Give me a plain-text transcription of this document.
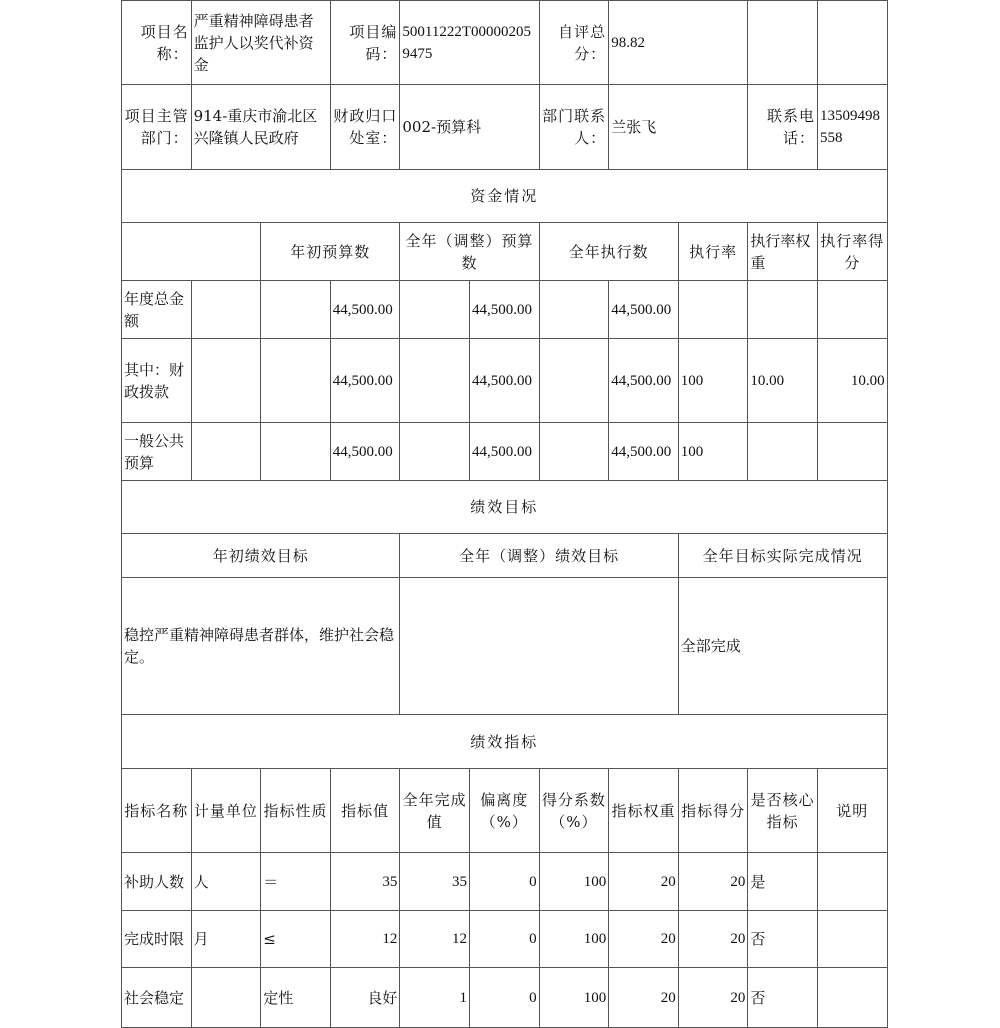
项目名称：	严重精神障碍患者监护人以奖代补资金		项目编码：	50011222T000002059475		自评总分：	98.82			
项目主管部门：	914-重庆市渝北区兴隆镇人民政府		财政归口处室：	002-预算科		部门联系人：	兰张飞		联系电话：	13509498558
资金情况										
		年初预算数		全年（调整）预算数		全年执行数		执行率	执行率权重	执行率得分
年度总金额			44,500.00		44,500.00		44,500.00			
其中：财政拨款			44,500.00		44,500.00		44,500.00	100	10.00	10.00
一般公共预算			44,500.00		44,500.00		44,500.00	100		
绩效目标										
年初绩效目标				全年（调整）绩效目标				全年目标实际完成情况		
稳控严重精神障碍患者群体，维护社会稳定。								全部完成		
绩效指标										
指标名称	计量单位	指标性质	指标值	全年完成值	偏离度（%）	得分系数（%）	指标权重	指标得分	是否核心指标	说明
补助人数	人	＝	35	35	0	100	20	20	是	
完成时限	月	≤	12	12	0	100	20	20	否	
社会稳定		定性	良好	1	0	100	20	20	否	
